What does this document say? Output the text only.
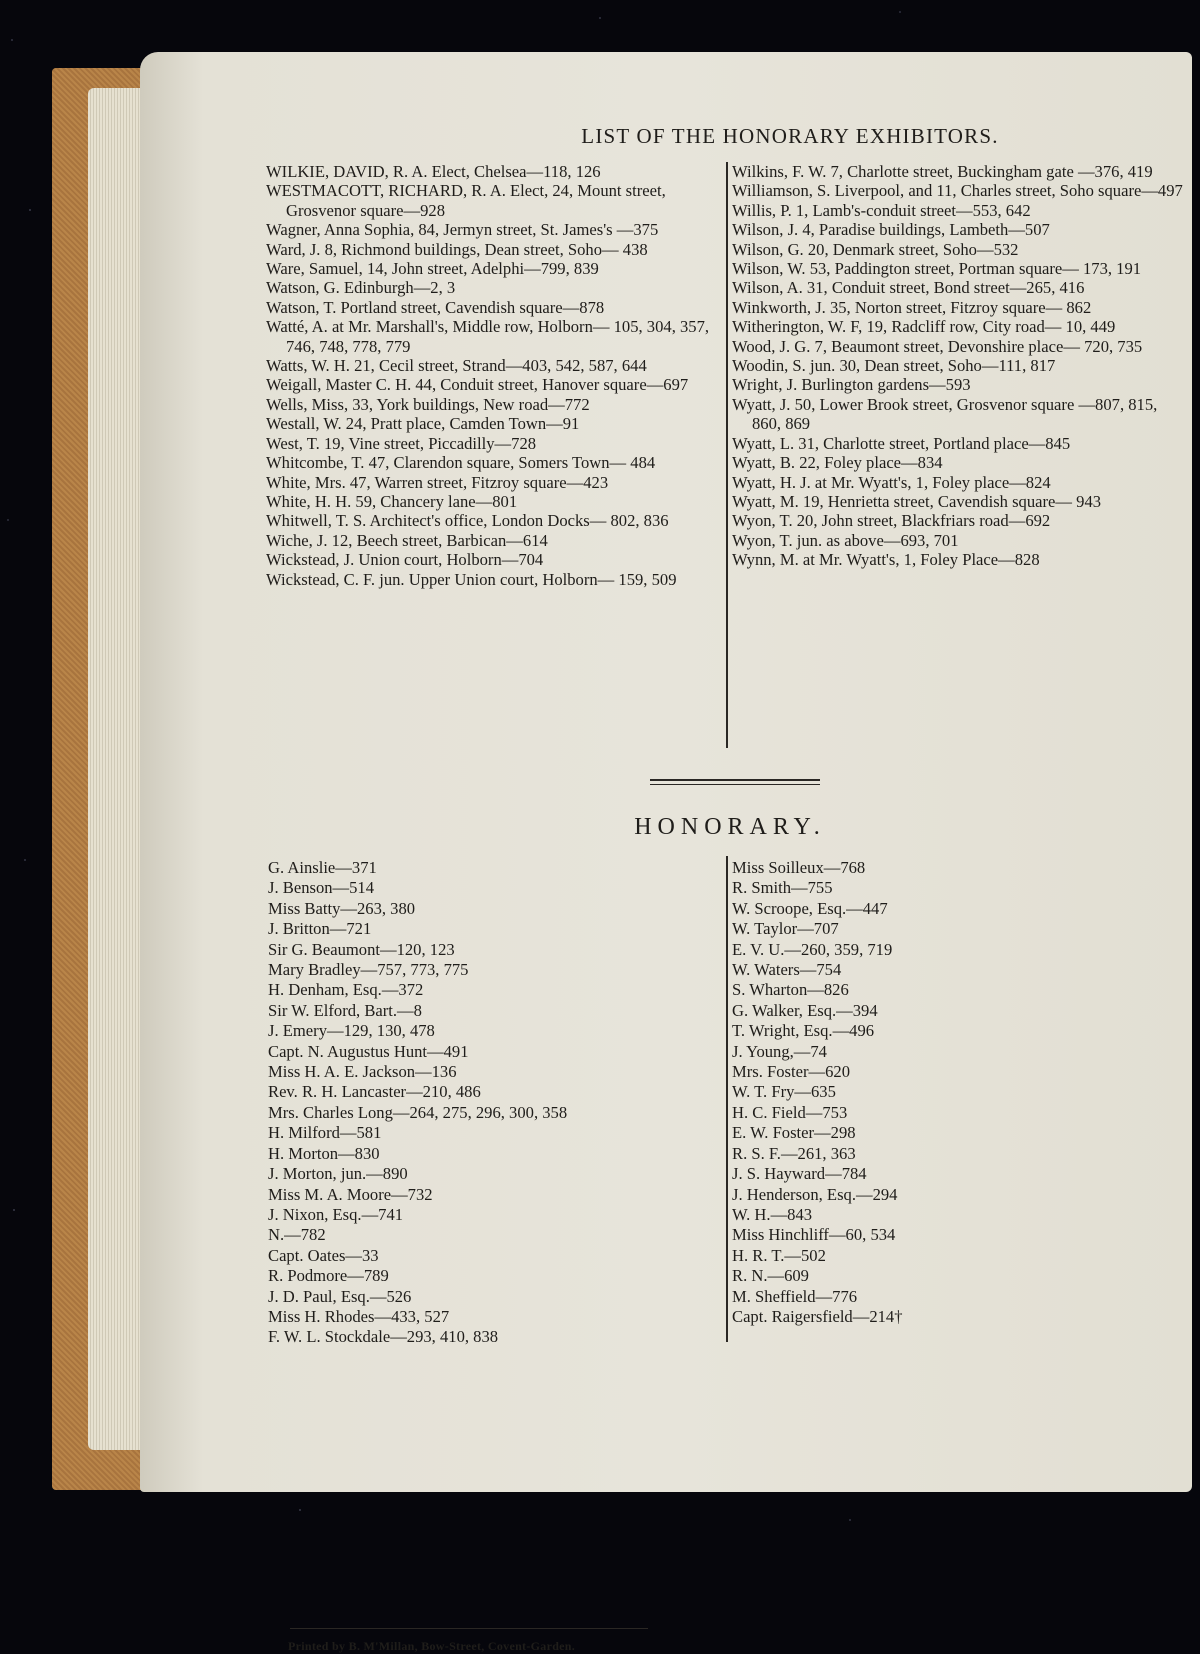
LIST OF THE HONORARY EXHIBITORS.
WILKIE, DAVID, R. A. Elect, Chelsea—118, 126
WESTMACOTT, RICHARD, R. A. Elect, 24, Mount street, Grosvenor square—928
Wagner, Anna Sophia, 84, Jermyn street, St. James's —375
Ward, J. 8, Richmond buildings, Dean street, Soho— 438
Ware, Samuel, 14, John street, Adelphi—799, 839
Watson, G. Edinburgh—2, 3
Watson, T. Portland street, Cavendish square—878
Watté, A. at Mr. Marshall's, Middle row, Holborn— 105, 304, 357, 746, 748, 778, 779
Watts, W. H. 21, Cecil street, Strand—403, 542, 587, 644
Weigall, Master C. H. 44, Conduit street, Hanover square—697
Wells, Miss, 33, York buildings, New road—772
Westall, W. 24, Pratt place, Camden Town—91
West, T. 19, Vine street, Piccadilly—728
Whitcombe, T. 47, Clarendon square, Somers Town— 484
White, Mrs. 47, Warren street, Fitzroy square—423
White, H. H. 59, Chancery lane—801
Whitwell, T. S. Architect's office, London Docks— 802, 836
Wiche, J. 12, Beech street, Barbican—614
Wickstead, J. Union court, Holborn—704
Wickstead, C. F. jun. Upper Union court, Holborn— 159, 509
Wilkins, F. W. 7, Charlotte street, Buckingham gate —376, 419
Williamson, S. Liverpool, and 11, Charles street, Soho square—497
Willis, P. 1, Lamb's-conduit street—553, 642
Wilson, J. 4, Paradise buildings, Lambeth—507
Wilson, G. 20, Denmark street, Soho—532
Wilson, W. 53, Paddington street, Portman square— 173, 191
Wilson, A. 31, Conduit street, Bond street—265, 416
Winkworth, J. 35, Norton street, Fitzroy square— 862
Witherington, W. F, 19, Radcliff row, City road— 10, 449
Wood, J. G. 7, Beaumont street, Devonshire place— 720, 735
Woodin, S. jun. 30, Dean street, Soho—111, 817
Wright, J. Burlington gardens—593
Wyatt, J. 50, Lower Brook street, Grosvenor square —807, 815, 860, 869
Wyatt, L. 31, Charlotte street, Portland place—845
Wyatt, B. 22, Foley place—834
Wyatt, H. J. at Mr. Wyatt's, 1, Foley place—824
Wyatt, M. 19, Henrietta street, Cavendish square— 943
Wyon, T. 20, John street, Blackfriars road—692
Wyon, T. jun. as above—693, 701
Wynn, M. at Mr. Wyatt's, 1, Foley Place—828
HONORARY.
G. Ainslie—371
J. Benson—514
Miss Batty—263, 380
J. Britton—721
Sir G. Beaumont—120, 123
Mary Bradley—757, 773, 775
H. Denham, Esq.—372
Sir W. Elford, Bart.—8
J. Emery—129, 130, 478
Capt. N. Augustus Hunt—491
Miss H. A. E. Jackson—136
Rev. R. H. Lancaster—210, 486
Mrs. Charles Long—264, 275, 296, 300, 358
H. Milford—581
H. Morton—830
J. Morton, jun.—890
Miss M. A. Moore—732
J. Nixon, Esq.—741
N.—782
Capt. Oates—33
R. Podmore—789
J. D. Paul, Esq.—526
Miss H. Rhodes—433, 527
F. W. L. Stockdale—293, 410, 838
Miss Soilleux—768
R. Smith—755
W. Scroope, Esq.—447
W. Taylor—707
E. V. U.—260, 359, 719
W. Waters—754
S. Wharton—826
G. Walker, Esq.—394
T. Wright, Esq.—496
J. Young,—74
Mrs. Foster—620
W. T. Fry—635
H. C. Field—753
E. W. Foster—298
R. S. F.—261, 363
J. S. Hayward—784
J. Henderson, Esq.—294
W. H.—843
Miss Hinchliff—60, 534
H. R. T.—502
R. N.—609
M. Sheffield—776
Capt. Raigersfield—214†
Printed by B. M'Millan, Bow-Street, Covent-Garden.
